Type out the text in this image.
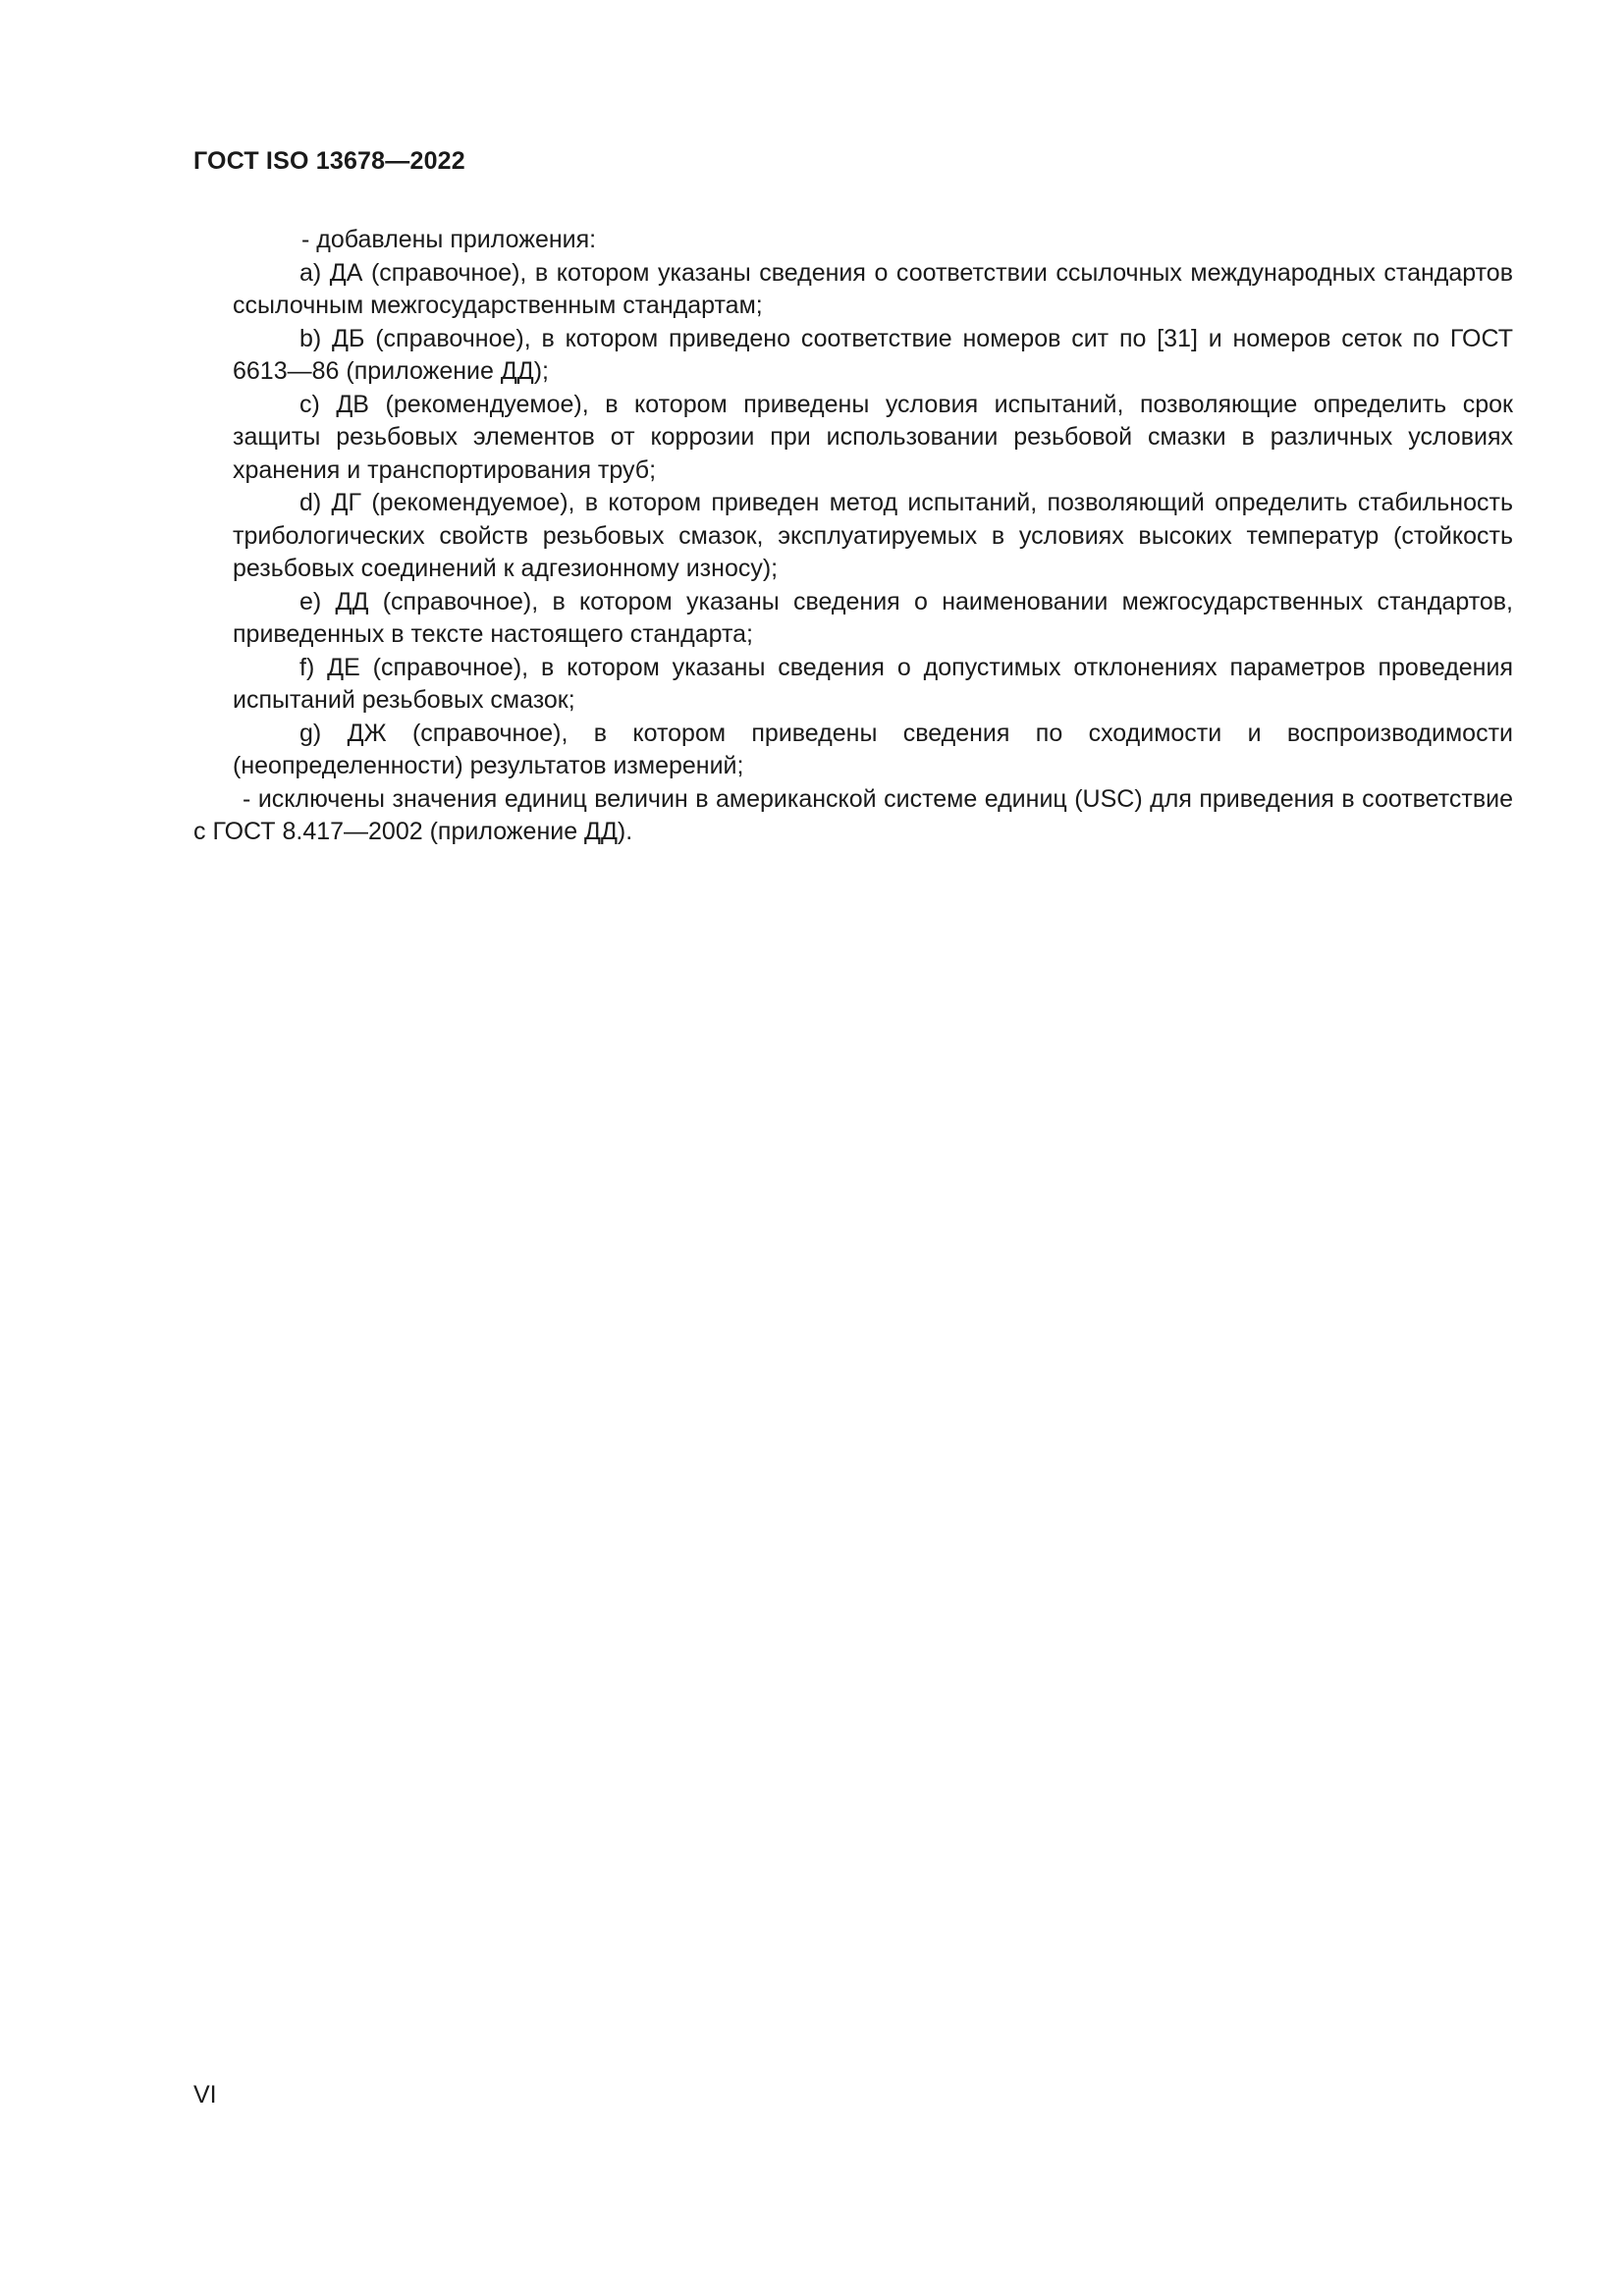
ГОСТ ISO 13678—2022

- добавлены приложения:

а) ДА (справочное), в котором указаны сведения о соответствии ссылочных международных стандартов ссылочным межгосударственным стандартам;

b) ДБ (справочное), в котором приведено соответствие номеров сит по [31] и номеров сеток по ГОСТ 6613—86 (приложение ДД);

с) ДВ (рекомендуемое), в котором приведены условия испытаний, позволяющие определить срок защиты резьбовых элементов от коррозии при использовании резьбовой смазки в различных условиях хранения и транспортирования труб;

d) ДГ (рекомендуемое), в котором приведен метод испытаний, позволяющий определить стабильность трибологических свойств резьбовых смазок, эксплуатируемых в условиях высоких температур (стойкость резьбовых соединений к адгезионному износу);

е) ДД (справочное), в котором указаны сведения о наименовании межгосударственных стандартов, приведенных в тексте настоящего стандарта;

f) ДЕ (справочное), в котором указаны сведения о допустимых отклонениях параметров проведения испытаний резьбовых смазок;

g) ДЖ (справочное), в котором приведены сведения по сходимости и воспроизводимости (неопределенности) результатов измерений;

- исключены значения единиц величин в американской системе единиц (USC) для приведения в соответствие с ГОСТ 8.417—2002 (приложение ДД).

VI
